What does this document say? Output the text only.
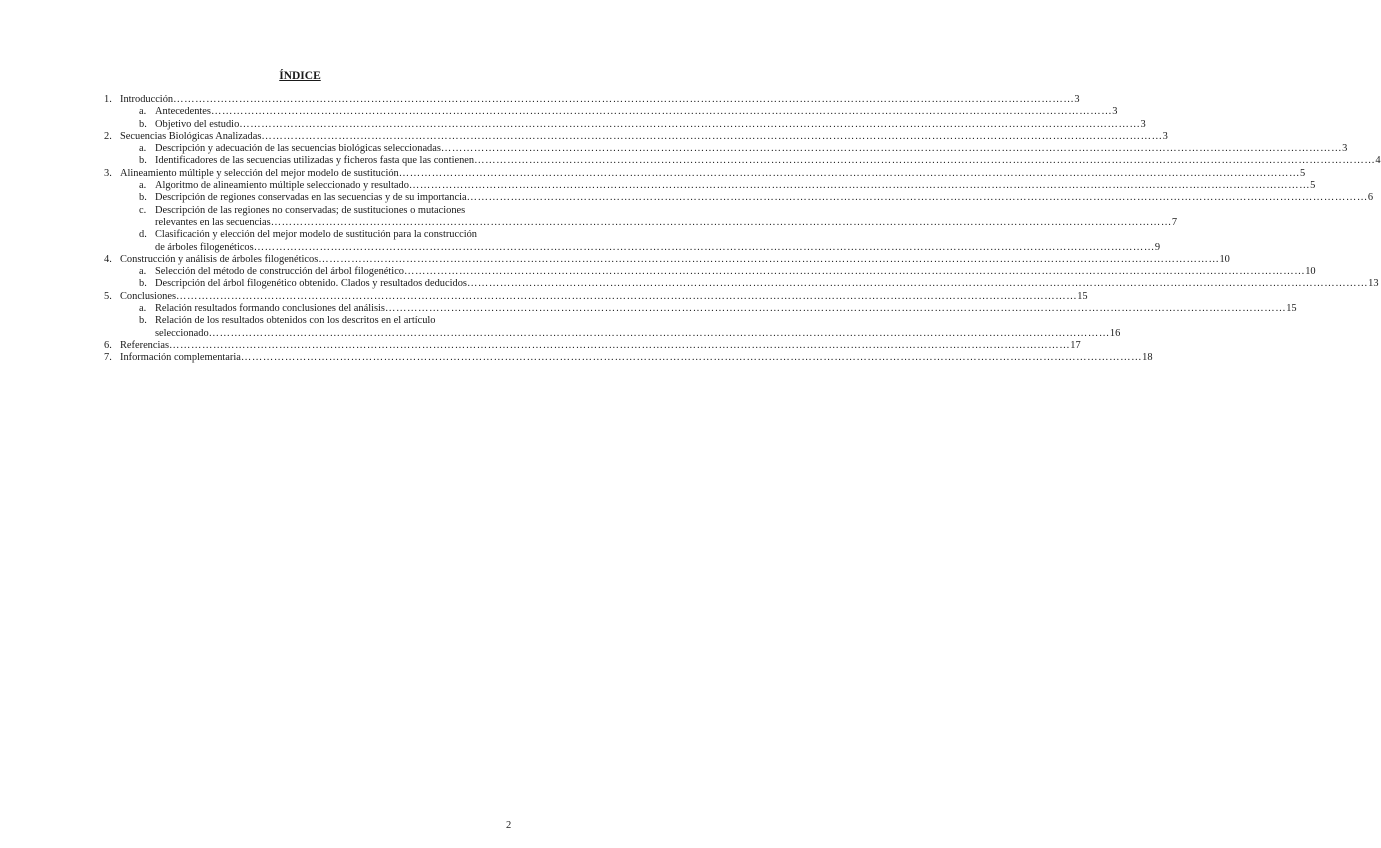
ÍNDICE
1. Introducción ………………………………………………………………………………………………………………………………………………………………………………………………………………………… 3
a. Antecedentes ………………………………………………………………………………………………………………………………………………………………………………………………………………………… 3
b. Objetivo del estudio ………………………………………………………………………………………………………………………………………………………………………………………………………………………… 3
2. Secuencias Biológicas Analizadas ………………………………………………………………………………………………………………………………………………………………………………………………………………………… 3
a. Descripción y adecuación de las secuencias biológicas seleccionadas ………………………………………………………………………………………………………………………………………………………………………………………………………………………… 3
b. Identificadores de las secuencias utilizadas y ficheros fasta que las contienen ………………………………………………………………………………………………………………………………………………………………………………………………………………………… 4
3. Alineamiento múltiple y selección del mejor modelo de sustitución ………………………………………………………………………………………………………………………………………………………………………………………………………………………… 5
a. Algoritmo de alineamiento múltiple seleccionado y resultado ………………………………………………………………………………………………………………………………………………………………………………………………………………………… 5
b. Descripción de regiones conservadas en las secuencias y de su importancia ………………………………………………………………………………………………………………………………………………………………………………………………………………………… 6
c. Descripción de las regiones no conservadas; de sustituciones o mutaciones
relevantes en las secuencias ………………………………………………………………………………………………………………………………………………………………………………………………………………………… 7
d. Clasificación y elección del mejor modelo de sustitución para la construcción
de árboles filogenéticos ………………………………………………………………………………………………………………………………………………………………………………………………………………………… 9
4. Construcción y análisis de árboles filogenéticos ………………………………………………………………………………………………………………………………………………………………………………………………………………………… 10
a. Selección del método de construcción del árbol filogenético ………………………………………………………………………………………………………………………………………………………………………………………………………………………… 10
b. Descripción del árbol filogenético obtenido. Clados y resultados deducidos ………………………………………………………………………………………………………………………………………………………………………………………………………………………… 13
5. Conclusiones ………………………………………………………………………………………………………………………………………………………………………………………………………………………… 15
a. Relación resultados formando conclusiones del análisis ………………………………………………………………………………………………………………………………………………………………………………………………………………………… 15
b. Relación de los resultados obtenidos con los descritos en el artículo
seleccionado ………………………………………………………………………………………………………………………………………………………………………………………………………………………… 16
6. Referencias ………………………………………………………………………………………………………………………………………………………………………………………………………………………… 17
7. Información complementaria ………………………………………………………………………………………………………………………………………………………………………………………………………………………… 18
2
